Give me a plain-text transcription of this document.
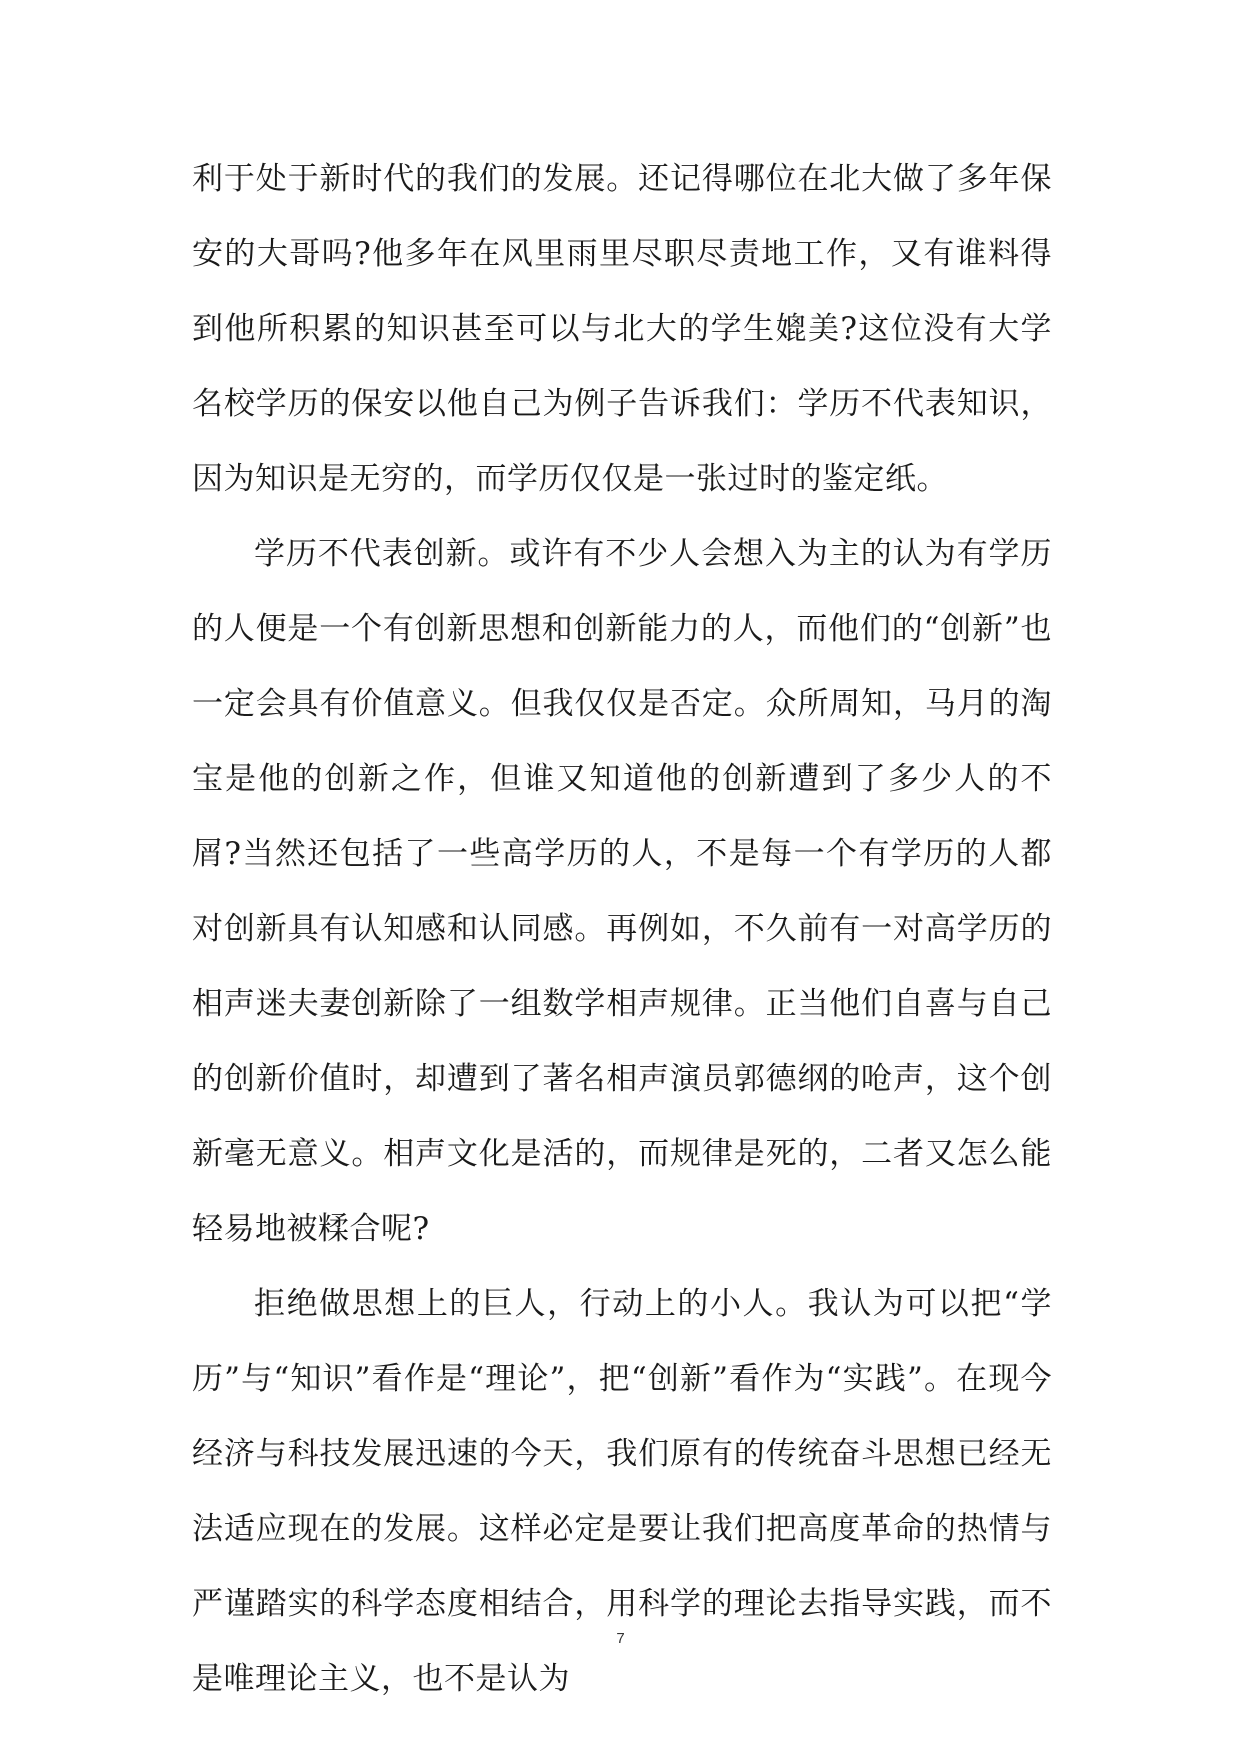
利于处于新时代的我们的发展。还记得哪位在北大做了多年保安的大哥吗?他多年在风里雨里尽职尽责地工作，又有谁料得到他所积累的知识甚至可以与北大的学生媲美?这位没有大学名校学历的保安以他自己为例子告诉我们：学历不代表知识，因为知识是无穷的，而学历仅仅是一张过时的鉴定纸。

学历不代表创新。或许有不少人会想入为主的认为有学历的人便是一个有创新思想和创新能力的人，而他们的“创新”也一定会具有价值意义。但我仅仅是否定。众所周知，马月的淘宝是他的创新之作，但谁又知道他的创新遭到了多少人的不屑?当然还包括了一些高学历的人，不是每一个有学历的人都对创新具有认知感和认同感。再例如，不久前有一对高学历的相声迷夫妻创新除了一组数学相声规律。正当他们自喜与自己的创新价值时，却遭到了著名相声演员郭德纲的呛声，这个创新毫无意义。相声文化是活的，而规律是死的，二者又怎么能轻易地被糅合呢?

拒绝做思想上的巨人，行动上的小人。我认为可以把“学历”与“知识”看作是“理论”，把“创新”看作为“实践”。在现今经济与科技发展迅速的今天，我们原有的传统奋斗思想已经无法适应现在的发展。这样必定是要让我们把高度革命的热情与严谨踏实的科学态度相结合，用科学的理论去指导实践，而不是唯理论主义，也不是认为

7
